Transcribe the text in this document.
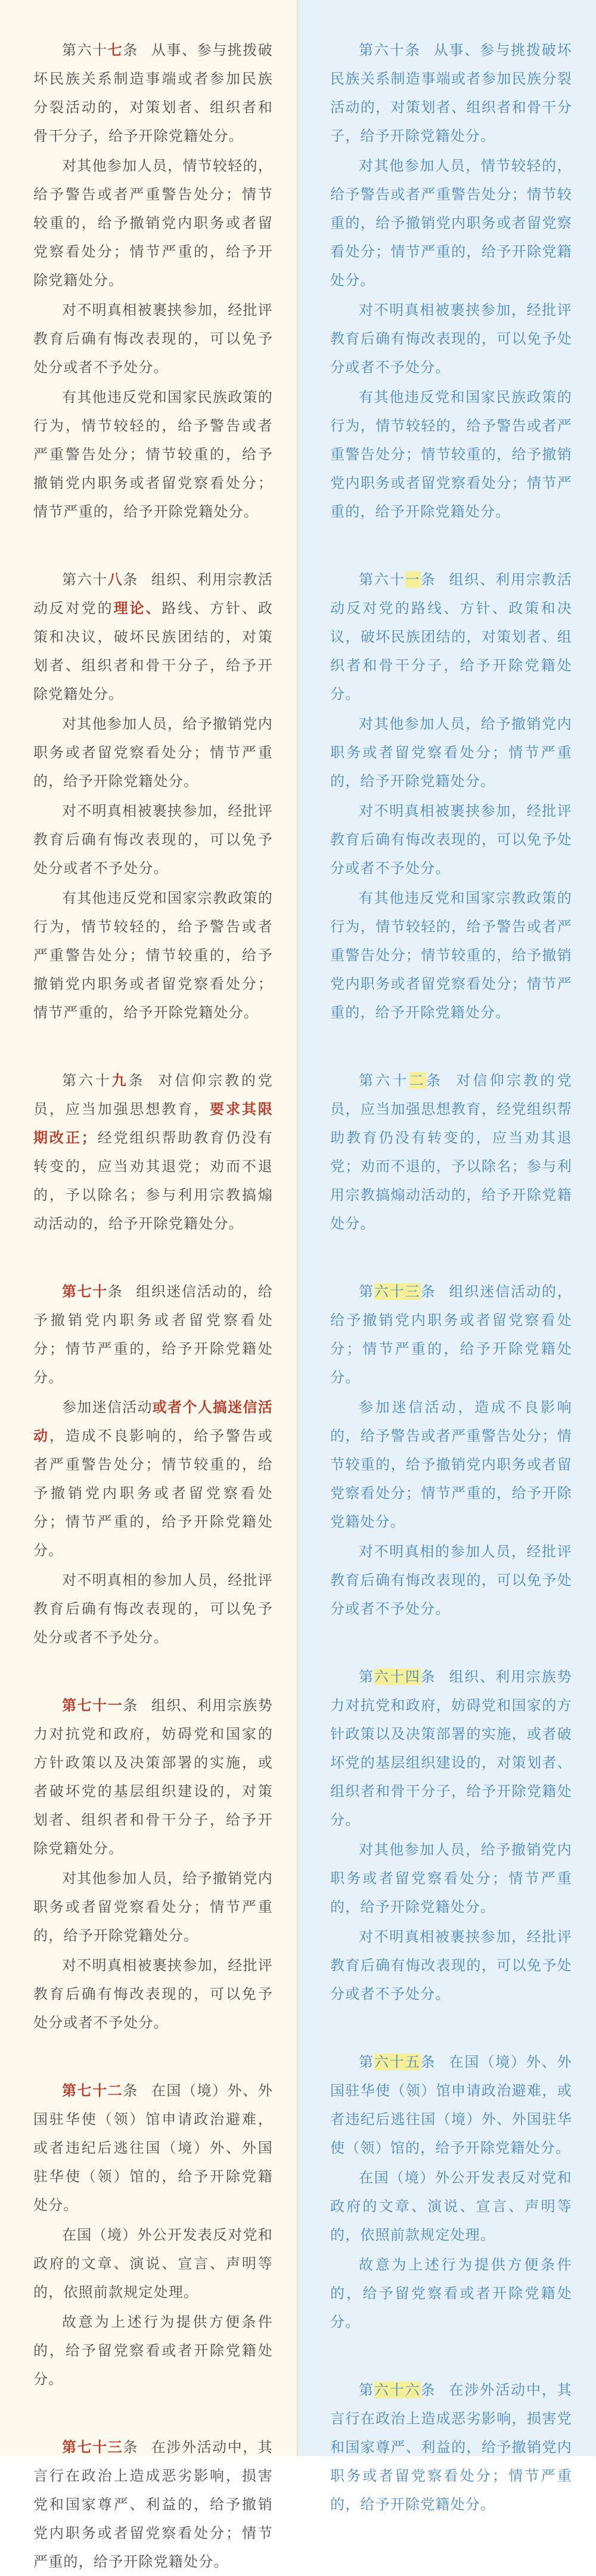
第六十七条 从事、参与挑拨破坏民族关系制造事端或者参加民族分裂活动的，对策划者、组织者和骨干分子，给予开除党籍处分。

对其他参加人员，情节较轻的，给予警告或者严重警告处分；情节较重的，给予撤销党内职务或者留党察看处分；情节严重的，给予开除党籍处分。

对不明真相被裹挟参加，经批评教育后确有悔改表现的，可以免予处分或者不予处分。

有其他违反党和国家民族政策的行为，情节较轻的，给予警告或者严重警告处分；情节较重的，给予撤销党内职务或者留党察看处分；情节严重的，给予开除党籍处分。

第六十八条 组织、利用宗教活动反对党的理论、路线、方针、政策和决议，破坏民族团结的，对策划者、组织者和骨干分子，给予开除党籍处分。

对其他参加人员，给予撤销党内职务或者留党察看处分；情节严重的，给予开除党籍处分。

对不明真相被裹挟参加，经批评教育后确有悔改表现的，可以免予处分或者不予处分。

有其他违反党和国家宗教政策的行为，情节较轻的，给予警告或者严重警告处分；情节较重的，给予撤销党内职务或者留党察看处分；情节严重的，给予开除党籍处分。

第六十九条 对信仰宗教的党员，应当加强思想教育，要求其限期改正；经党组织帮助教育仍没有转变的，应当劝其退党；劝而不退的，予以除名；参与利用宗教搞煽动活动的，给予开除党籍处分。

第七十条 组织迷信活动的，给予撤销党内职务或者留党察看处分；情节严重的，给予开除党籍处分。

参加迷信活动或者个人搞迷信活动，造成不良影响的，给予警告或者严重警告处分；情节较重的，给予撤销党内职务或者留党察看处分；情节严重的，给予开除党籍处分。

对不明真相的参加人员，经批评教育后确有悔改表现的，可以免予处分或者不予处分。

第七十一条 组织、利用宗族势力对抗党和政府，妨碍党和国家的方针政策以及决策部署的实施，或者破坏党的基层组织建设的，对策划者、组织者和骨干分子，给予开除党籍处分。

对其他参加人员，给予撤销党内职务或者留党察看处分；情节严重的，给予开除党籍处分。

对不明真相被裹挟参加，经批评教育后确有悔改表现的，可以免予处分或者不予处分。

第七十二条 在国（境）外、外国驻华使（领）馆申请政治避难，或者违纪后逃往国（境）外、外国驻华使（领）馆的，给予开除党籍处分。

在国（境）外公开发表反对党和政府的文章、演说、宣言、声明等的，依照前款规定处理。

故意为上述行为提供方便条件的，给予留党察看或者开除党籍处分。

第七十三条 在涉外活动中，其言行在政治上造成恶劣影响，损害党和国家尊严、利益的，给予撤销党内职务或者留党察看处分；情节严重的，给予开除党籍处分。

第六十条 从事、参与挑拨破坏民族关系制造事端或者参加民族分裂活动的，对策划者、组织者和骨干分子，给予开除党籍处分。

对其他参加人员，情节较轻的，给予警告或者严重警告处分；情节较重的，给予撤销党内职务或者留党察看处分；情节严重的，给予开除党籍处分。

对不明真相被裹挟参加，经批评教育后确有悔改表现的，可以免予处分或者不予处分。

有其他违反党和国家民族政策的行为，情节较轻的，给予警告或者严重警告处分；情节较重的，给予撤销党内职务或者留党察看处分；情节严重的，给予开除党籍处分。

第六十一条 组织、利用宗教活动反对党的路线、方针、政策和决议，破坏民族团结的，对策划者、组织者和骨干分子，给予开除党籍处分。

对其他参加人员，给予撤销党内职务或者留党察看处分；情节严重的，给予开除党籍处分。

对不明真相被裹挟参加，经批评教育后确有悔改表现的，可以免予处分或者不予处分。

有其他违反党和国家宗教政策的行为，情节较轻的，给予警告或者严重警告处分；情节较重的，给予撤销党内职务或者留党察看处分；情节严重的，给予开除党籍处分。

第六十二条 对信仰宗教的党员，应当加强思想教育，经党组织帮助教育仍没有转变的，应当劝其退党；劝而不退的，予以除名；参与利用宗教搞煽动活动的，给予开除党籍处分。

第六十三条 组织迷信活动的，给予撤销党内职务或者留党察看处分；情节严重的，给予开除党籍处分。

参加迷信活动，造成不良影响的，给予警告或者严重警告处分；情节较重的，给予撤销党内职务或者留党察看处分；情节严重的，给予开除党籍处分。

对不明真相的参加人员，经批评教育后确有悔改表现的，可以免予处分或者不予处分。

第六十四条 组织、利用宗族势力对抗党和政府，妨碍党和国家的方针政策以及决策部署的实施，或者破坏党的基层组织建设的，对策划者、组织者和骨干分子，给予开除党籍处分。

对其他参加人员，给予撤销党内职务或者留党察看处分；情节严重的，给予开除党籍处分。

对不明真相被裹挟参加，经批评教育后确有悔改表现的，可以免予处分或者不予处分。

第六十五条 在国（境）外、外国驻华使（领）馆申请政治避难，或者违纪后逃往国（境）外、外国驻华使（领）馆的，给予开除党籍处分。

在国（境）外公开发表反对党和政府的文章、演说、宣言、声明等的，依照前款规定处理。

故意为上述行为提供方便条件的，给予留党察看或者开除党籍处分。

第六十六条 在涉外活动中，其言行在政治上造成恶劣影响，损害党和国家尊严、利益的，给予撤销党内职务或者留党察看处分；情节严重的，给予开除党籍处分。
